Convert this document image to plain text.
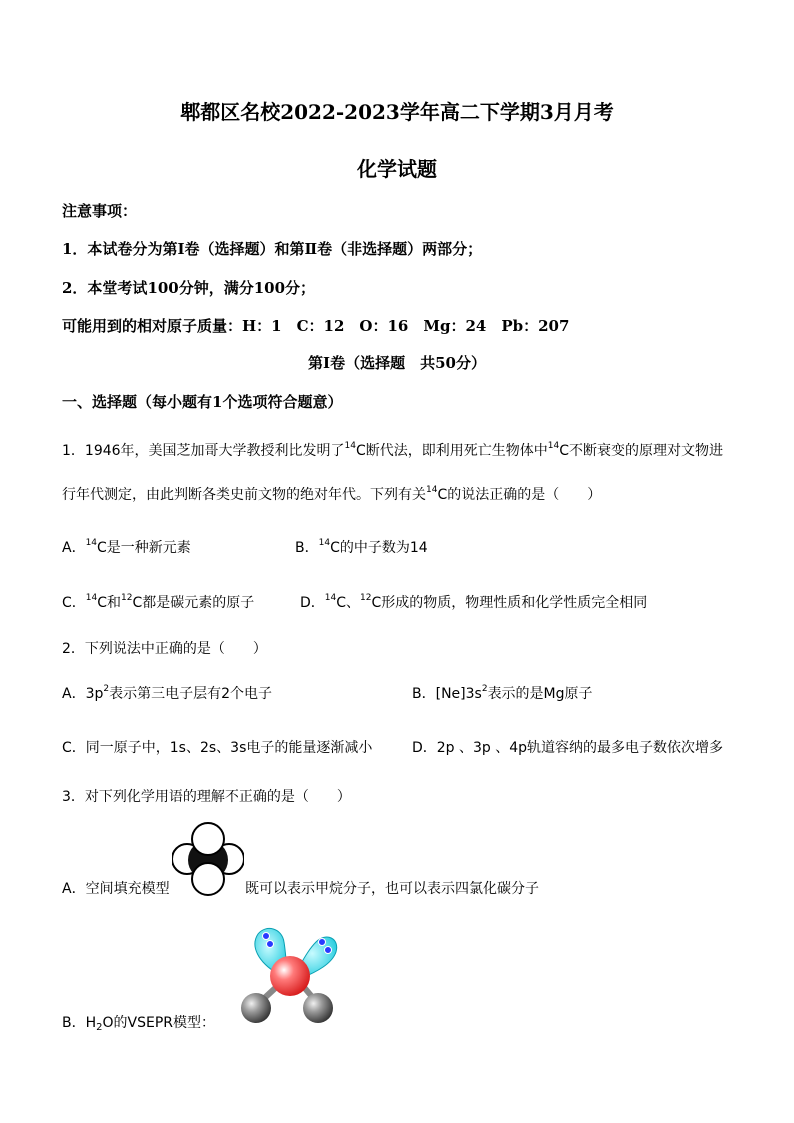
郫都区名校2022-2023学年高二下学期3月月考
化学试题
注意事项：
1．本试卷分为第Ⅰ卷（选择题）和第Ⅱ卷（非选择题）两部分；
2．本堂考试100分钟，满分100分；
可能用到的相对原子质量：H：1　C：12　O：16　Mg：24　Pb：207
第Ⅰ卷（选择题　共50分）
一、选择题（每小题有1个选项符合题意）
1．1946年，美国芝加哥大学教授利比发明了$^{14}$C断代法，即利用死亡生物体中$^{14}$C不断衰变的原理对文物进
行年代测定，由此判断各类史前文物的绝对年代。下列有关$^{14}$C的说法正确的是（　　）
A．$^{14}$C是一种新元素	B．$^{14}$C的中子数为14
C．$^{14}$C和$^{12}$C都是碳元素的原子	D．$^{14}$C、$^{12}$C形成的物质，物理性质和化学性质完全相同
2．下列说法中正确的是（　　）
A．$3p^2$表示第三电子层有2个电子	B．$[Ne]3s^2$表示的是Mg原子
C．同一原子中，1s、2s、3s电子的能量逐渐减小	D．2p 、3p 、4p轨道容纳的最多电子数依次增多
3．对下列化学用语的理解不正确的是（　　）
A．空间填充模型	既可以表示甲烷分子，也可以表示四氯化碳分子
B．$H_2O$的VSEPR模型：
